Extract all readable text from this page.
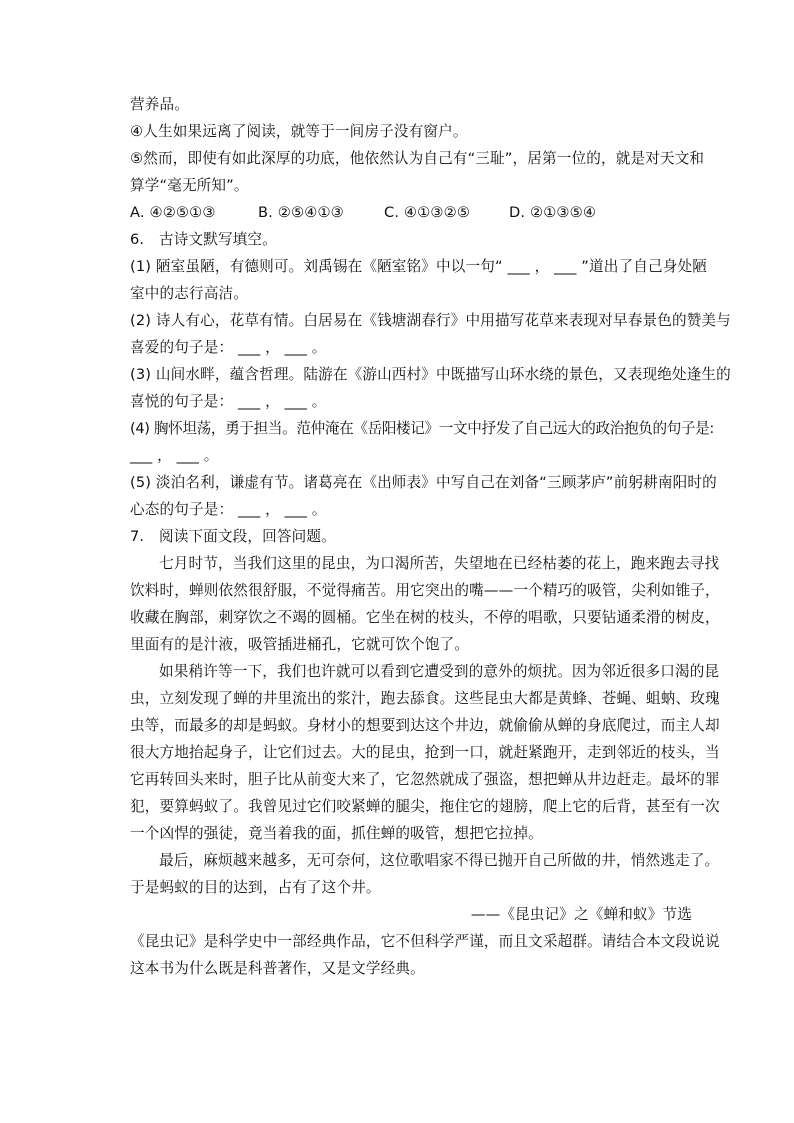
营养品。

④人生如果远离了阅读，就等于一间房子没有窗户。

⑤然而，即使有如此深厚的功底，他依然认为自己有“三耻”，居第一位的，就是对天文和

算学“毫无所知”。

A. ④②⑤①③	B. ②⑤④①③	C. ④①③②⑤	D. ②①③⑤④

6.　古诗文默写填空。

(1) 陋室虽陋，有德则可。刘禹锡在《陋室铭》中以一句“ ___ ， ___ ”道出了自己身处陋

室中的志行高洁。

(2) 诗人有心，花草有情。白居易在《钱塘湖春行》中用描写花草来表现对早春景色的赞美与

喜爱的句子是： ___ ， ___ 。

(3) 山间水畔，蕴含哲理。陆游在《游山西村》中既描写山环水绕的景色，又表现绝处逢生的

喜悦的句子是： ___ ， ___ 。

(4) 胸怀坦荡，勇于担当。范仲淹在《岳阳楼记》一文中抒发了自己远大的政治抱负的句子是:

___ ， ___ 。

(5) 淡泊名利，谦虚有节。诸葛亮在《出师表》中写自己在刘备“三顾茅庐”前躬耕南阳时的

心态的句子是： ___ ， ___ 。

7.　阅读下面文段，回答问题。

七月时节，当我们这里的昆虫，为口渴所苦，失望地在已经枯萎的花上，跑来跑去寻找

饮料时，蝉则依然很舒服，不觉得痛苦。用它突出的嘴——一个精巧的吸管，尖利如锥子，

收藏在胸部，刺穿饮之不竭的圆桶。它坐在树的枝头，不停的唱歌，只要钻通柔滑的树皮，

里面有的是汁液，吸管插进桶孔，它就可饮个饱了。

如果稍许等一下，我们也许就可以看到它遭受到的意外的烦扰。因为邻近很多口渴的昆

虫，立刻发现了蝉的井里流出的浆汁，跑去舔食。这些昆虫大都是黄蜂、苍蝇、蛆蚋、玫瑰

虫等，而最多的却是蚂蚁。身材小的想要到达这个井边，就偷偷从蝉的身底爬过，而主人却

很大方地抬起身子，让它们过去。大的昆虫，抢到一口，就赶紧跑开，走到邻近的枝头，当

它再转回头来时，胆子比从前变大来了，它忽然就成了强盗，想把蝉从井边赶走。最坏的罪

犯，要算蚂蚁了。我曾见过它们咬紧蝉的腿尖，拖住它的翅膀，爬上它的后背，甚至有一次

一个凶悍的强徒，竟当着我的面，抓住蝉的吸管，想把它拉掉。

最后，麻烦越来越多，无可奈何，这位歌唱家不得已抛开自己所做的井，悄然逃走了。

于是蚂蚁的目的达到，占有了这个井。

——《昆虫记》之《蝉和蚁》节选

《昆虫记》是科学史中一部经典作品，它不但科学严谨，而且文采超群。请结合本文段说说

这本书为什么既是科普著作，又是文学经典。
